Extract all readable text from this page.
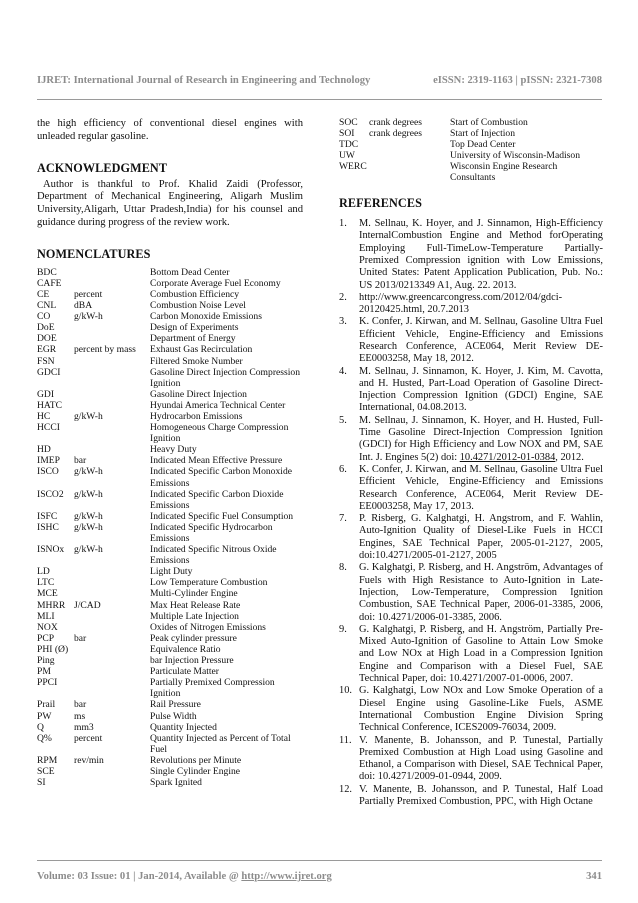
IJRET: International Journal of Research in Engineering and Technology	eISSN: 2319-1163 | pISSN: 2321-7308

the high efficiency of conventional diesel engines with unleaded regular gasoline.

ACKNOWLEDGMENT

Author is thankful to Prof. Khalid Zaidi (Professor, Department of Mechanical Engineering, Aligarh Muslim University,Aligarh, Uttar Pradesh,India) for his counsel and guidance during progress of the review work.

NOMENCLATURES
BDC	Bottom Dead Center
CAFE	Corporate Average Fuel Economy
CE	percent	Combustion Efficiency
CNL	dBA	Combustion Noise Level
CO	g/kW-h	Carbon Monoxide Emissions
DoE	Design of Experiments
DOE	Department of Energy
EGR	percent by mass	Exhaust Gas Recirculation
FSN	Filtered Smoke Number
GDCI	Gasoline Direct Injection Compression Ignition
GDI	Gasoline Direct Injection
HATC	Hyundai America Technical Center
HC	g/kW-h	Hydrocarbon Emissions
HCCI	Homogeneous Charge Compression Ignition
HD	Heavy Duty
IMEP	bar	Indicated Mean Effective Pressure
ISCO	g/kW-h	Indicated Specific Carbon Monoxide Emissions
ISCO2	g/kW-h	Indicated Specific Carbon Dioxide Emissions
ISFC	g/kW-h	Indicated Specific Fuel Consumption
ISHC	g/kW-h	Indicated Specific Hydrocarbon Emissions
ISNOx	g/kW-h	Indicated Specific Nitrous Oxide Emissions
LD	Light Duty
LTC	Low Temperature Combustion
MCE	Multi-Cylinder Engine
MHRR J/CAD	Max Heat Release Rate
MLI	Multiple Late Injection
NOX	Oxides of Nitrogen Emissions
PCP	bar	Peak cylinder pressure
PHI (Ø)	Equivalence Ratio
Ping	bar Injection Pressure
PM	Particulate Matter
PPCI	Partially Premixed Compression Ignition
Prail	bar	Rail Pressure
PW	ms	Pulse Width
Q	mm3	Quantity Injected
Q%	percent	Quantity Injected as Percent of Total Fuel
RPM	rev/min	Revolutions per Minute
SCE	Single Cylinder Engine
SI	Spark Ignited
SOC	crank degrees	Start of Combustion
SOI	crank degrees	Start of Injection
TDC	Top Dead Center
UW	University of Wisconsin-Madison
WERC	Wisconsin Engine Research Consultants
REFERENCES
1.	M. Sellnau, K. Hoyer, and J. Sinnamon, High-Efficiency InternalCombustion Engine and Method forOperating Employing Full-TimeLow-Temperature Partially-Premixed Compression ignition with Low Emissions, United States: Patent Application Publication, Pub. No.: US 2013/0213349 A1, Aug. 22. 2013.
2.	http://www.greencarcongress.com/2012/04/gdci-20120425.html, 20.7.2013
3.	K. Confer, J. Kirwan, and M. Sellnau, Gasoline Ultra Fuel Efficient Vehicle, Engine-Efficiency and Emissions Research Conference, ACE064, Merit Review DE-EE0003258, May 18, 2012.
4.	M. Sellnau, J. Sinnamon, K. Hoyer, J. Kim, M. Cavotta, and H. Husted, Part-Load Operation of Gasoline Direct-Injection Compression Ignition (GDCI) Engine, SAE International, 04.08.2013.
5.	M. Sellnau, J. Sinnamon, K. Hoyer, and H. Husted, Full-Time Gasoline Direct-Injection Compression Ignition (GDCI) for High Efficiency and Low NOX and PM, SAE Int. J. Engines 5(2) doi: 10.4271/2012-01-0384, 2012.
6.	K. Confer, J. Kirwan, and M. Sellnau, Gasoline Ultra Fuel Efficient Vehicle, Engine-Efficiency and Emissions Research Conference, ACE064, Merit Review DE-EE0003258, May 17, 2013.
7.	P. Risberg, G. Kalghatgi, H. Angstrom, and F. Wahlin, Auto-Ignition Quality of Diesel-Like Fuels in HCCI Engines, SAE Technical Paper, 2005-01-2127, 2005, doi:10.4271/2005-01-2127, 2005
8.	G. Kalghatgi, P. Risberg, and H. Angström, Advantages of Fuels with High Resistance to Auto-Ignition in Late-Injection, Low-Temperature, Compression Ignition Combustion, SAE Technical Paper, 2006-01-3385, 2006, doi: 10.4271/2006-01-3385, 2006.
9.	G. Kalghatgi, P. Risberg, and H. Angström, Partially Pre-Mixed Auto-Ignition of Gasoline to Attain Low Smoke and Low NOx at High Load in a Compression Ignition Engine and Comparison with a Diesel Fuel, SAE Technical Paper, doi: 10.4271/2007-01-0006, 2007.
10. G. Kalghatgi, Low NOx and Low Smoke Operation of a Diesel Engine using Gasoline-Like Fuels, ASME International Combustion Engine Division Spring Technical Conference, ICES2009-76034, 2009.
11. V. Manente, B. Johansson, and P. Tunestal, Partially Premixed Combustion at High Load using Gasoline and Ethanol, a Comparison with Diesel, SAE Technical Paper, doi: 10.4271/2009-01-0944, 2009.
12. V. Manente, B. Johansson, and P. Tunestal, Half Load Partially Premixed Combustion, PPC, with High Octane
Volume: 03 Issue: 01 | Jan-2014, Available @ http://www.ijret.org	341
